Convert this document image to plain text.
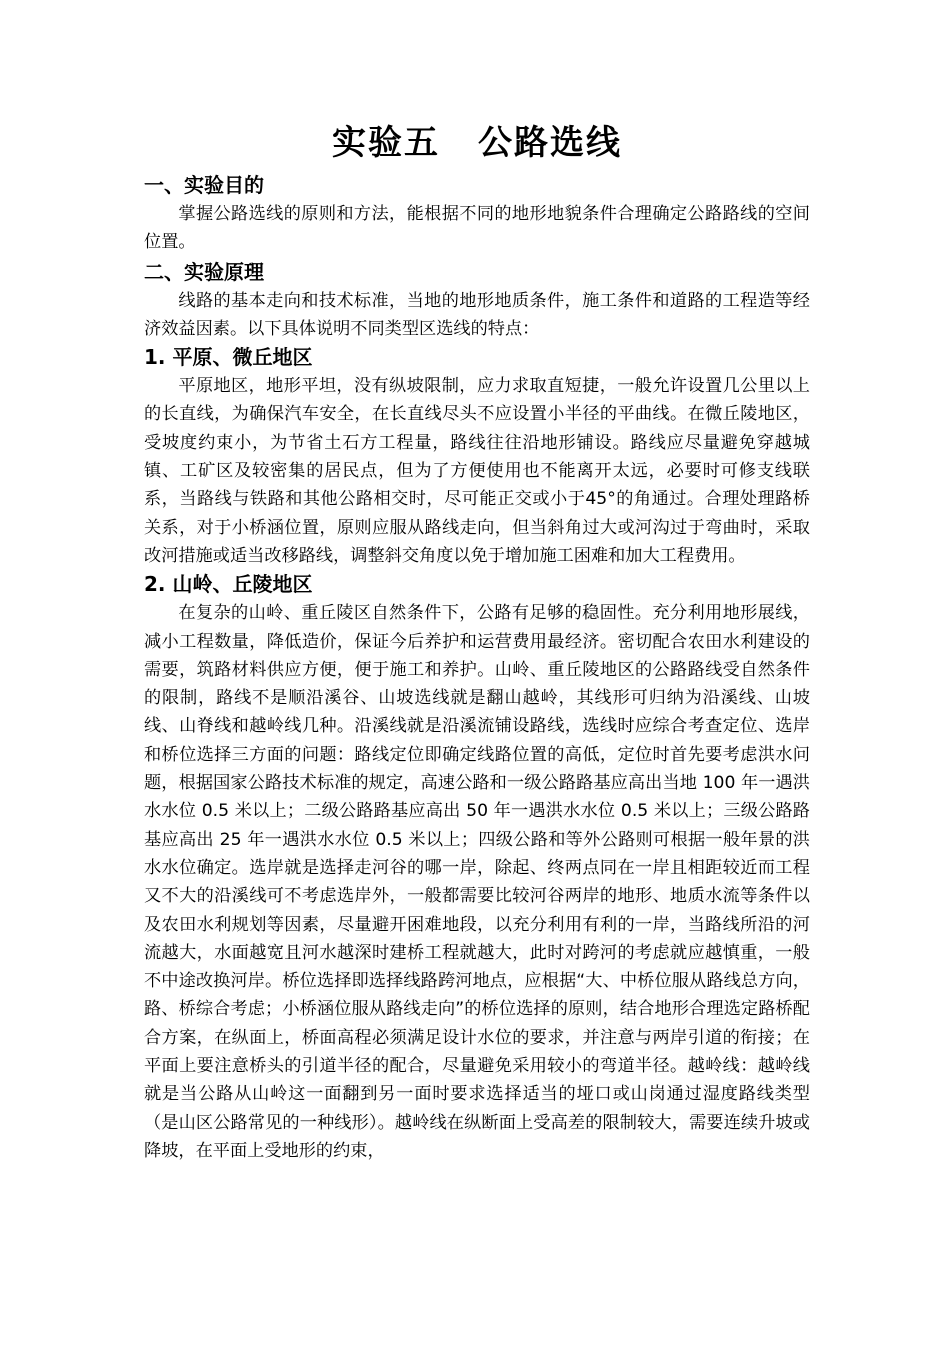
实验五 公路选线
一、实验目的

掌握公路选线的原则和方法，能根据不同的地形地貌条件合理确定公路路线的空间位置。

二、实验原理

线路的基本走向和技术标准，当地的地形地质条件，施工条件和道路的工程造等经济效益因素。以下具体说明不同类型区选线的特点：

1. 平原、微丘地区

平原地区，地形平坦，没有纵坡限制，应力求取直短捷，一般允许设置几公里以上的长直线，为确保汽车安全，在长直线尽头不应设置小半径的平曲线。在微丘陵地区，受坡度约束小，为节省土石方工程量，路线往往沿地形铺设。路线应尽量避免穿越城镇、工矿区及较密集的居民点，但为了方便使用也不能离开太远，必要时可修支线联系，当路线与铁路和其他公路相交时，尽可能正交或小于45°的角通过。合理处理路桥关系，对于小桥涵位置，原则应服从路线走向，但当斜角过大或河沟过于弯曲时，采取改河措施或适当改移路线，调整斜交角度以免于增加施工困难和加大工程费用。

2. 山岭、丘陵地区

在复杂的山岭、重丘陵区自然条件下，公路有足够的稳固性。充分利用地形展线，减小工程数量，降低造价，保证今后养护和运营费用最经济。密切配合农田水利建设的需要，筑路材料供应方便，便于施工和养护。山岭、重丘陵地区的公路路线受自然条件的限制，路线不是顺沿溪谷、山坡选线就是翻山越岭，其线形可归纳为沿溪线、山坡线、山脊线和越岭线几种。沿溪线就是沿溪流铺设路线，选线时应综合考查定位、选岸和桥位选择三方面的问题：路线定位即确定线路位置的高低，定位时首先要考虑洪水问题，根据国家公路技术标准的规定，高速公路和一级公路路基应高出当地 100 年一遇洪水水位 0.5 米以上；二级公路路基应高出 50 年一遇洪水水位 0.5 米以上；三级公路路基应高出 25 年一遇洪水水位 0.5 米以上；四级公路和等外公路则可根据一般年景的洪水水位确定。选岸就是选择走河谷的哪一岸，除起、终两点同在一岸且相距较近而工程又不大的沿溪线可不考虑选岸外，一般都需要比较河谷两岸的地形、地质水流等条件以及农田水利规划等因素，尽量避开困难地段，以充分利用有利的一岸，当路线所沿的河流越大，水面越宽且河水越深时建桥工程就越大，此时对跨河的考虑就应越慎重，一般不中途改换河岸。桥位选择即选择线路跨河地点，应根据“大、中桥位服从路线总方向，路、桥综合考虑；小桥涵位服从路线走向”的桥位选择的原则，结合地形合理选定路桥配合方案，在纵面上，桥面高程必须满足设计水位的要求，并注意与两岸引道的衔接；在平面上要注意桥头的引道半径的配合，尽量避免采用较小的弯道半径。越岭线：越岭线就是当公路从山岭这一面翻到另一面时要求选择适当的垭口或山岗通过湿度路线类型（是山区公路常见的一种线形）。越岭线在纵断面上受高差的限制较大，需要连续升坡或降坡，在平面上受地形的约束，
